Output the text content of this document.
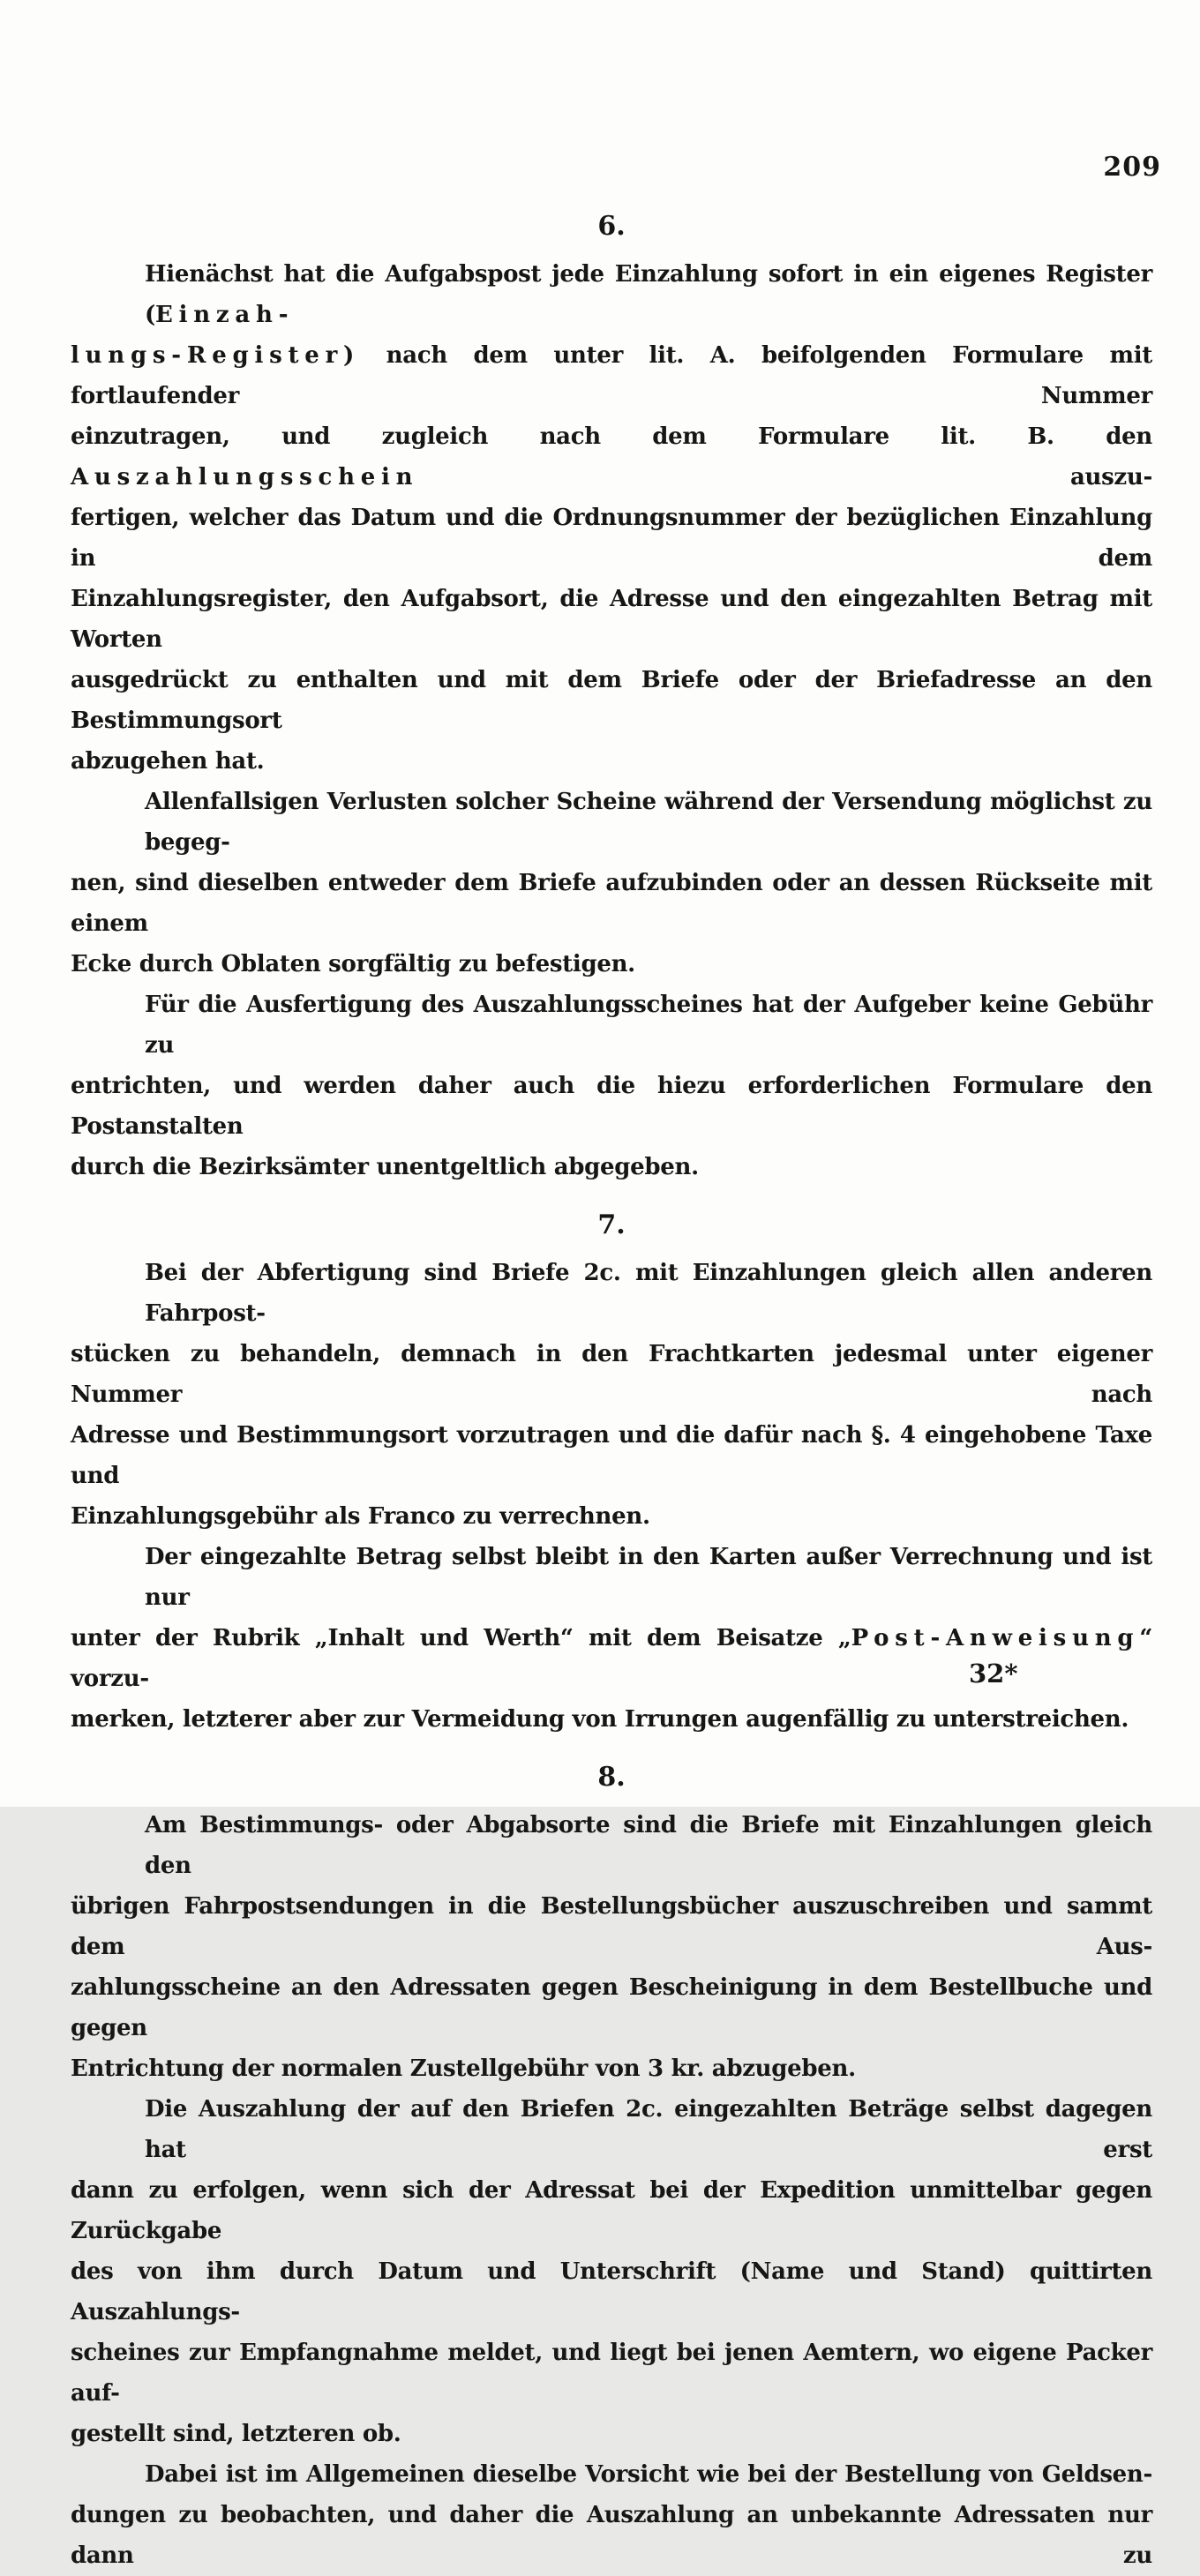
209
6.
Hienächst hat die Aufgabspost jede Einzahlung sofort in ein eigenes Register (Einzah-
lungs-Register) nach dem unter lit. A. beifolgenden Formulare mit fortlaufender Nummer
einzutragen, und zugleich nach dem Formulare lit. B. den Auszahlungsschein auszu-
fertigen, welcher das Datum und die Ordnungsnummer der bezüglichen Einzahlung in dem
Einzahlungsregister, den Aufgabsort, die Adresse und den eingezahlten Betrag mit Worten
ausgedrückt zu enthalten und mit dem Briefe oder der Briefadresse an den Bestimmungsort
abzugehen hat.
Allenfallsigen Verlusten solcher Scheine während der Versendung möglichst zu begeg-
nen, sind dieselben entweder dem Briefe aufzubinden oder an dessen Rückseite mit einem
Ecke durch Oblaten sorgfältig zu befestigen.
Für die Ausfertigung des Auszahlungsscheines hat der Aufgeber keine Gebühr zu
entrichten, und werden daher auch die hiezu erforderlichen Formulare den Postanstalten
durch die Bezirksämter unentgeltlich abgegeben.
7.
Bei der Abfertigung sind Briefe 2c. mit Einzahlungen gleich allen anderen Fahrpost-
stücken zu behandeln, demnach in den Frachtkarten jedesmal unter eigener Nummer nach
Adresse und Bestimmungsort vorzutragen und die dafür nach §. 4 eingehobene Taxe und
Einzahlungsgebühr als Franco zu verrechnen.
Der eingezahlte Betrag selbst bleibt in den Karten außer Verrechnung und ist nur
unter der Rubrik „Inhalt und Werth“ mit dem Beisatze „Post-Anweisung“ vorzu-
merken, letzterer aber zur Vermeidung von Irrungen augenfällig zu unterstreichen.
8.
Am Bestimmungs- oder Abgabsorte sind die Briefe mit Einzahlungen gleich den
übrigen Fahrpostsendungen in die Bestellungsbücher auszuschreiben und sammt dem Aus-
zahlungsscheine an den Adressaten gegen Bescheinigung in dem Bestellbuche und gegen
Entrichtung der normalen Zustellgebühr von 3 kr. abzugeben.
Die Auszahlung der auf den Briefen 2c. eingezahlten Beträge selbst dagegen hat erst
dann zu erfolgen, wenn sich der Adressat bei der Expedition unmittelbar gegen Zurückgabe
des von ihm durch Datum und Unterschrift (Name und Stand) quittirten Auszahlungs-
scheines zur Empfangnahme meldet, und liegt bei jenen Aemtern, wo eigene Packer auf-
gestellt sind, letzteren ob.
Dabei ist im Allgemeinen dieselbe Vorsicht wie bei der Bestellung von Geldsen-
dungen zu beobachten, und daher die Auszahlung an unbekannte Adressaten nur dann zu
32*
